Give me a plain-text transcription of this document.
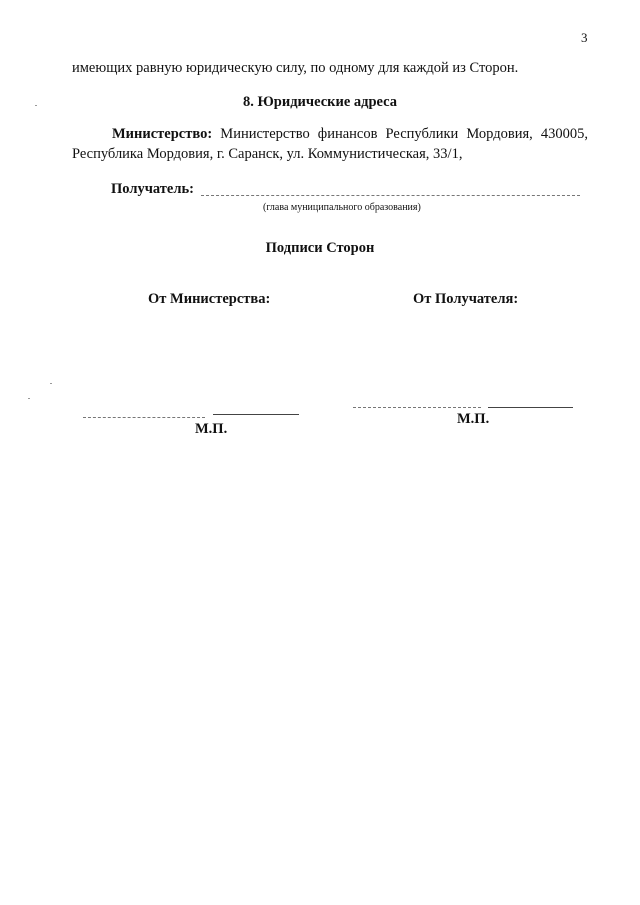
3
имеющих равную юридическую силу, по одному для каждой из Сторон.
8. Юридические адреса
Министерство: Министерство финансов Республики Мордовия, 430005,
Республика Мордовия, г. Саранск, ул. Коммунистическая, 33/1,
Получатель:
(глава муниципального образования)
Подписи Сторон
От Министерства:	От Получателя:
М.П.
М.П.
